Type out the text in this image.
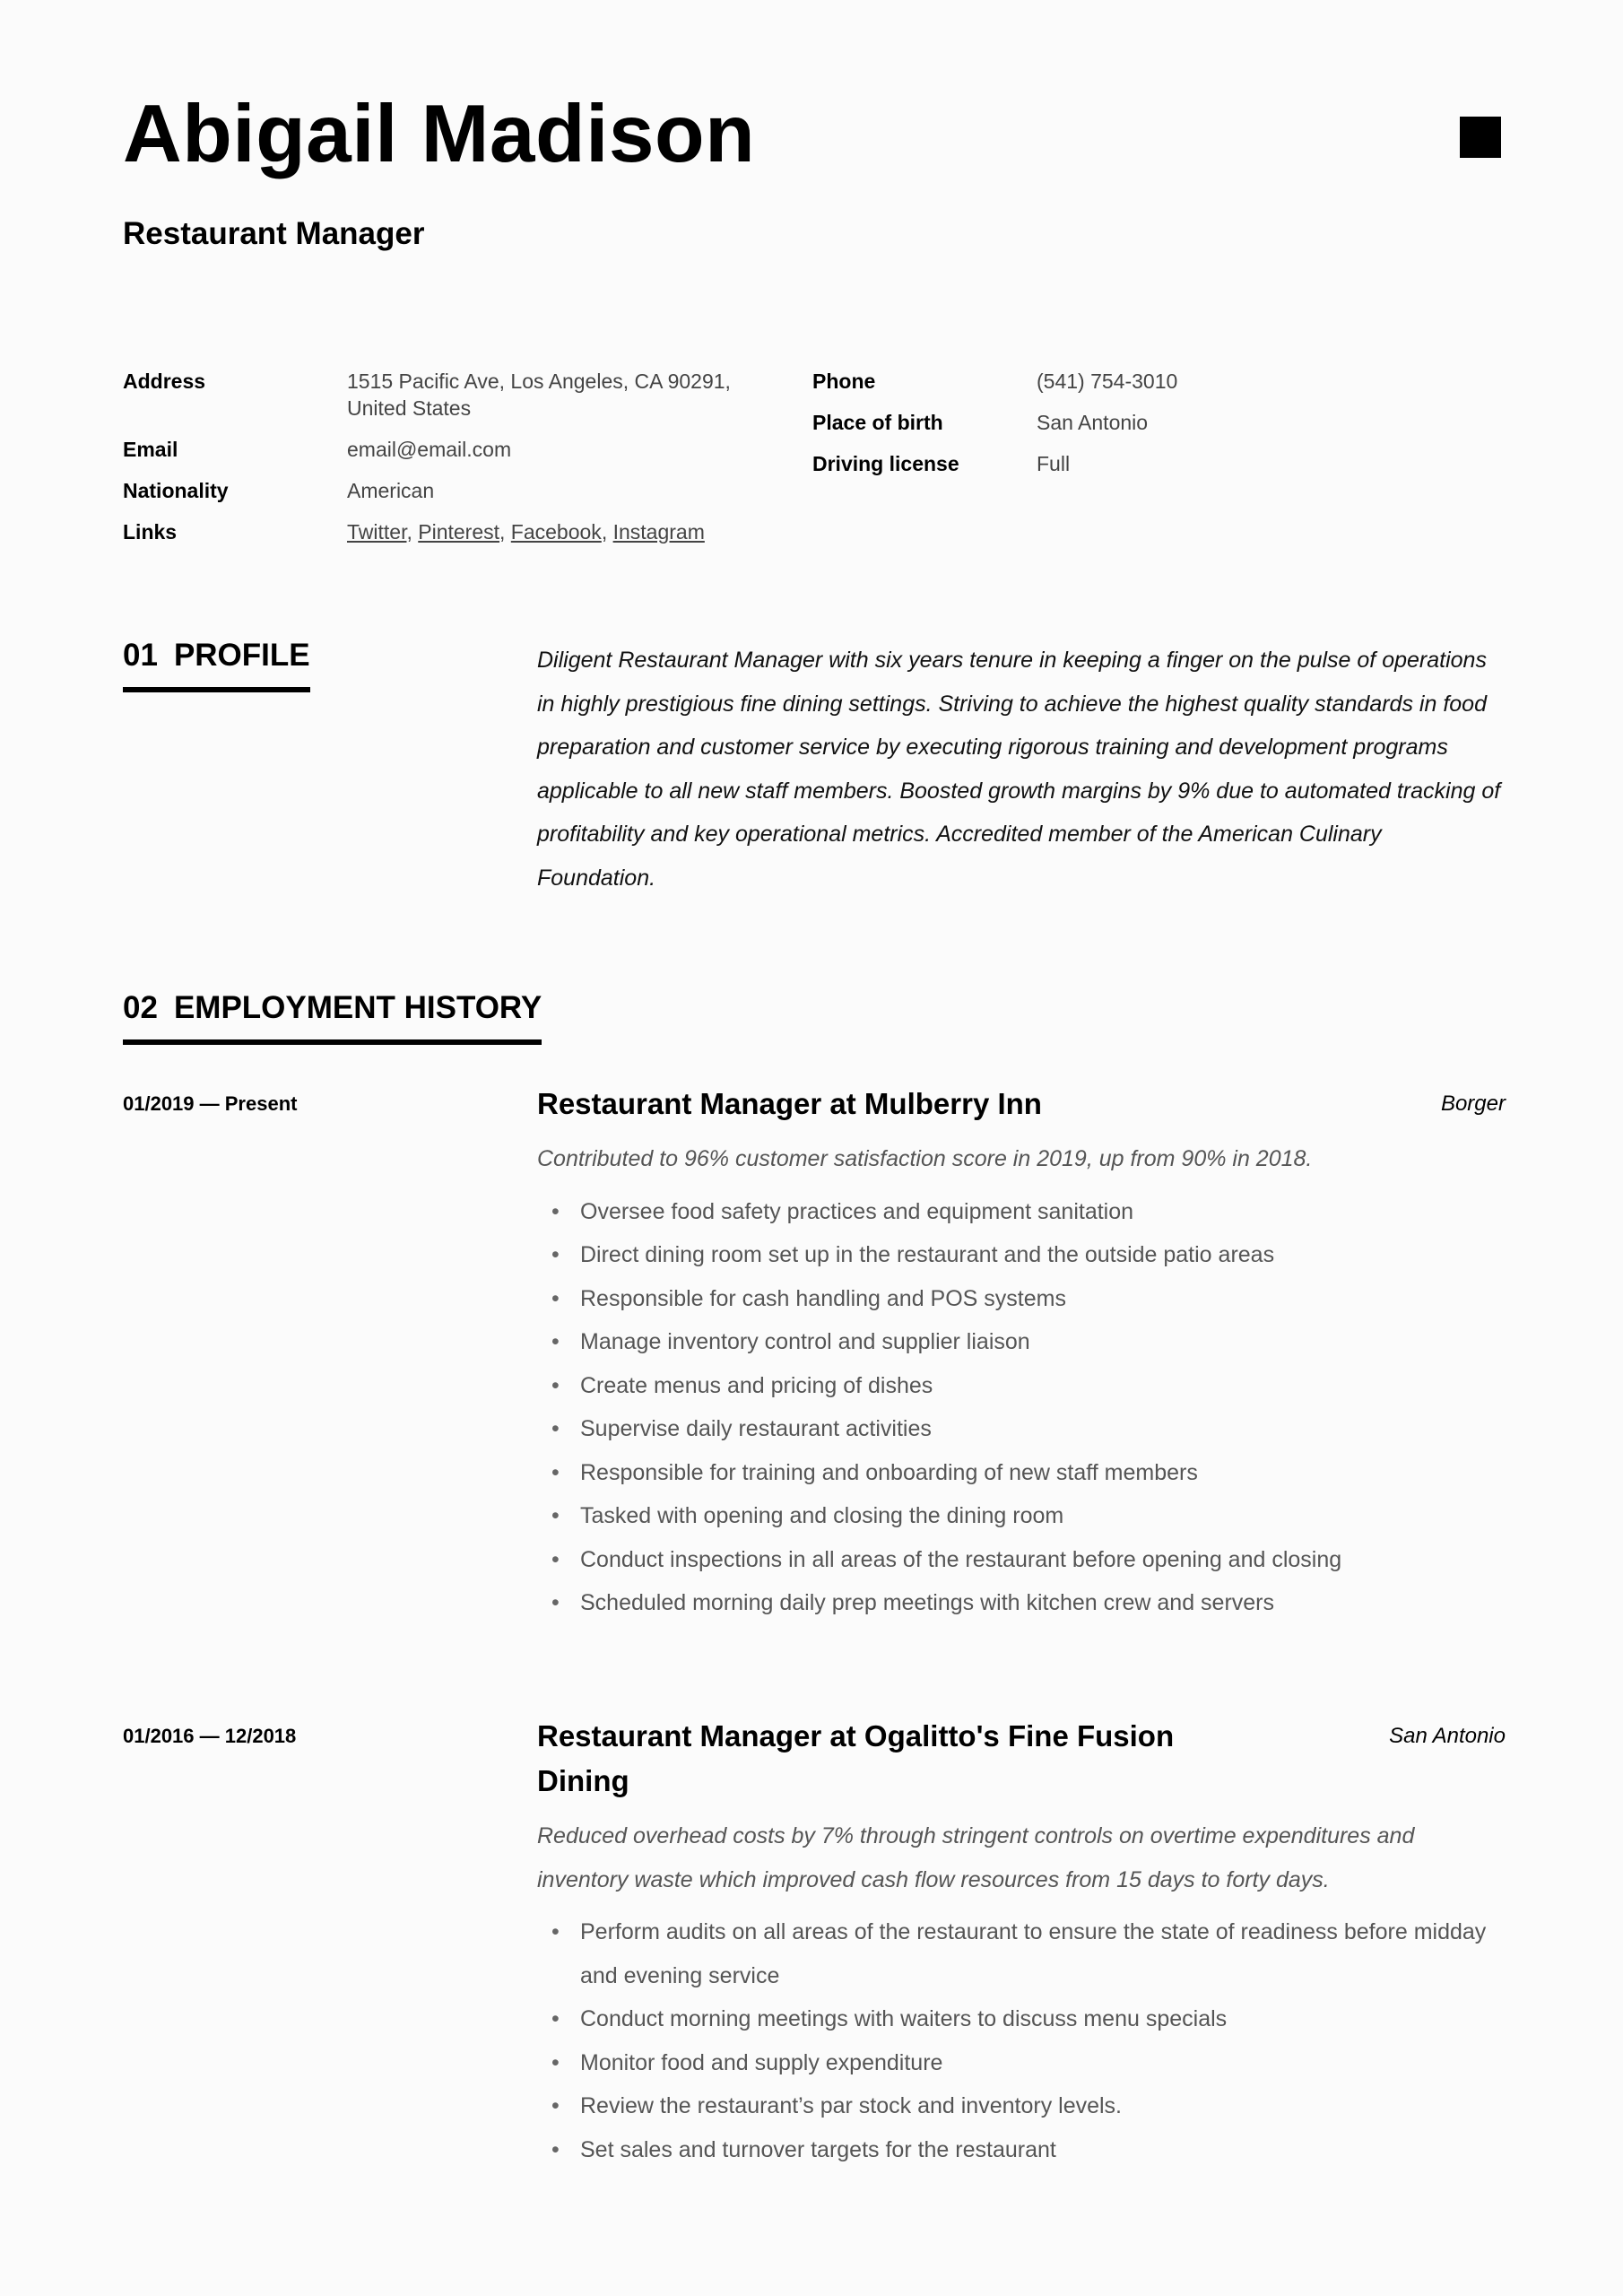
Abigail Madison
Restaurant Manager
Address	1515 Pacific Ave, Los Angeles, CA 90291,
United States
Email	email@email.com
Nationality	American
Links	Twitter, Pinterest, Facebook, Instagram
Phone	(541) 754-3010
Place of birth	San Antonio
Driving license	Full
01 PROFILE	Diligent Restaurant Manager with six years tenure in keeping a finger on the pulse of operations in highly prestigious fine dining settings. Striving to achieve the highest quality standards in food preparation and customer service by executing rigorous training and development programs applicable to all new staff members. Boosted growth margins by 9% due to automated tracking of profitability and key operational metrics. Accredited member of the American Culinary Foundation.

02 EMPLOYMENT HISTORY
01/2019 — Present	Restaurant Manager at Mulberry Inn	Borger

Contributed to 96% customer satisfaction score in 2019, up from 90% in 2018.

• Oversee food safety practices and equipment sanitation
• Direct dining room set up in the restaurant and the outside patio areas
• Responsible for cash handling and POS systems
• Manage inventory control and supplier liaison
• Create menus and pricing of dishes
• Supervise daily restaurant activities
• Responsible for training and onboarding of new staff members
• Tasked with opening and closing the dining room
• Conduct inspections in all areas of the restaurant before opening and closing
• Scheduled morning daily prep meetings with kitchen crew and servers
01/2016 — 12/2018	Restaurant Manager at Ogalitto's Fine Fusion Dining
San Antonio

Reduced overhead costs by 7% through stringent controls on overtime expenditures and inventory waste which improved cash flow resources from 15 days to forty days.

• Perform audits on all areas of the restaurant to ensure the state of readiness before midday and evening service
• Conduct morning meetings with waiters to discuss menu specials
• Monitor food and supply expenditure
• Review the restaurant’s par stock and inventory levels.
• Set sales and turnover targets for the restaurant
